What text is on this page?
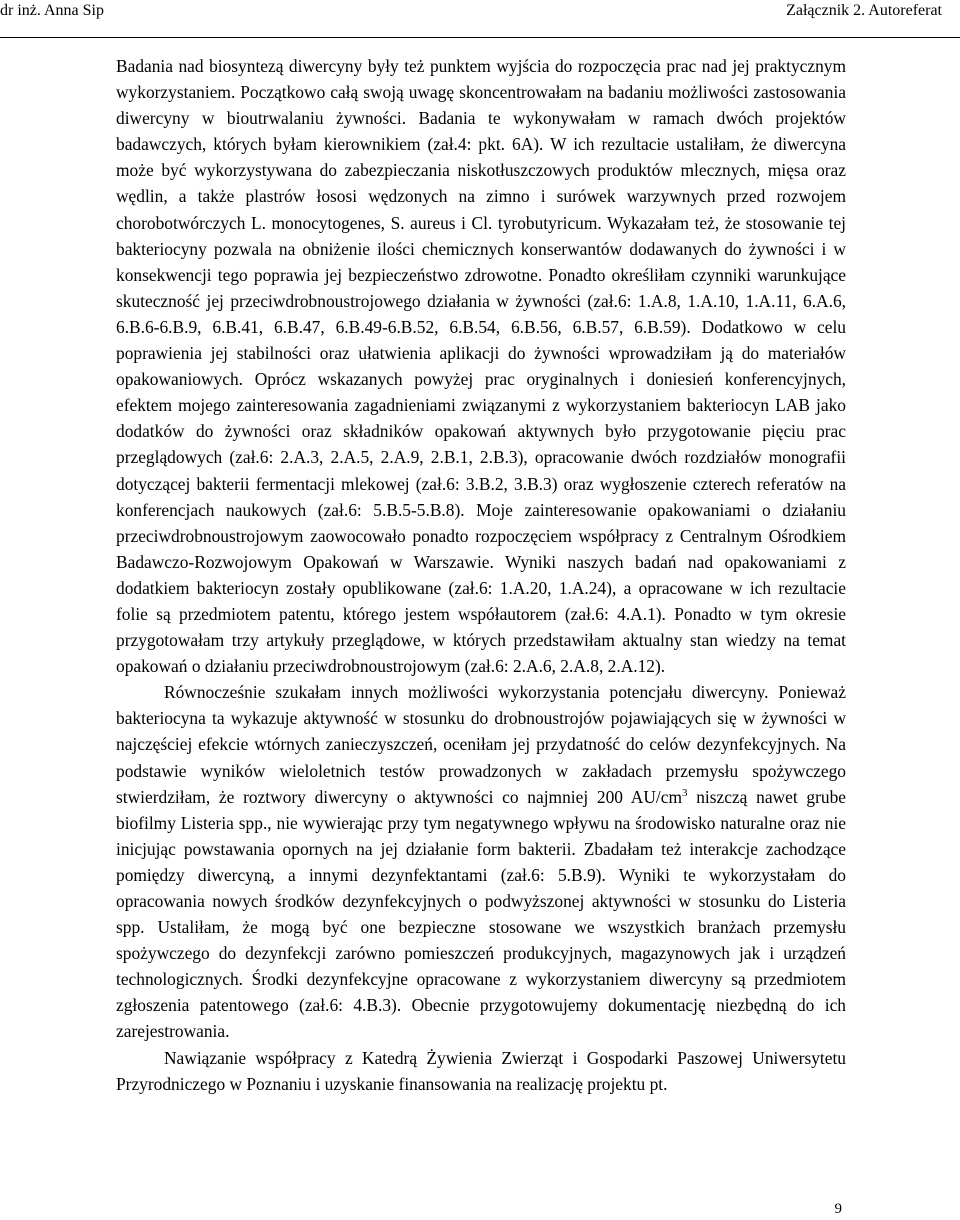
dr inż. Anna Sip	Załącznik 2. Autoreferat

Badania nad biosyntezą diwercyny były też punktem wyjścia do rozpoczęcia prac nad jej praktycznym wykorzystaniem. Początkowo całą swoją uwagę skoncentrowałam na badaniu możliwości zastosowania diwercyny w bioutrwalaniu żywności. Badania te wykonywałam w ramach dwóch projektów badawczych, których byłam kierownikiem (zał.4: pkt. 6A). W ich rezultacie ustaliłam, że diwercyna może być wykorzystywana do zabezpieczania niskotłuszczowych produktów mlecznych, mięsa oraz wędlin, a także plastrów łososi wędzonych na zimno i surówek warzywnych przed rozwojem chorobotwórczych L. monocytogenes, S. aureus i Cl. tyrobutyricum. Wykazałam też, że stosowanie tej bakteriocyny pozwala na obniżenie ilości chemicznych konserwantów dodawanych do żywności i w konsekwencji tego poprawia jej bezpieczeństwo zdrowotne. Ponadto określiłam czynniki warunkujące skuteczność jej przeciwdrobnoustrojowego działania w żywności (zał.6: 1.A.8, 1.A.10, 1.A.11, 6.A.6, 6.B.6-6.B.9, 6.B.41, 6.B.47, 6.B.49-6.B.52, 6.B.54, 6.B.56, 6.B.57, 6.B.59). Dodatkowo w celu poprawienia jej stabilności oraz ułatwienia aplikacji do żywności wprowadziłam ją do materiałów opakowaniowych. Oprócz wskazanych powyżej prac oryginalnych i doniesień konferencyjnych, efektem mojego zainteresowania zagadnieniami związanymi z wykorzystaniem bakteriocyn LAB jako dodatków do żywności oraz składników opakowań aktywnych było przygotowanie pięciu prac przeglądowych (zał.6: 2.A.3, 2.A.5, 2.A.9, 2.B.1, 2.B.3), opracowanie dwóch rozdziałów monografii dotyczącej bakterii fermentacji mlekowej (zał.6: 3.B.2, 3.B.3) oraz wygłoszenie czterech referatów na konferencjach naukowych (zał.6: 5.B.5-5.B.8). Moje zainteresowanie opakowaniami o działaniu przeciwdrobnoustrojowym zaowocowało ponadto rozpoczęciem współpracy z Centralnym Ośrodkiem Badawczo-Rozwojowym Opakowań w Warszawie. Wyniki naszych badań nad opakowaniami z dodatkiem bakteriocyn zostały opublikowane (zał.6: 1.A.20, 1.A.24), a opracowane w ich rezultacie folie są przedmiotem patentu, którego jestem współautorem (zał.6: 4.A.1). Ponadto w tym okresie przygotowałam trzy artykuły przeglądowe, w których przedstawiłam aktualny stan wiedzy na temat opakowań o działaniu przeciwdrobnoustrojowym (zał.6: 2.A.6, 2.A.8, 2.A.12).

Równocześnie szukałam innych możliwości wykorzystania potencjału diwercyny. Ponieważ bakteriocyna ta wykazuje aktywność w stosunku do drobnoustrojów pojawiających się w żywności w najczęściej efekcie wtórnych zanieczyszczeń, oceniłam jej przydatność do celów dezynfekcyjnych. Na podstawie wyników wieloletnich testów prowadzonych w zakładach przemysłu spożywczego stwierdziłam, że roztwory diwercyny o aktywności co najmniej 200 $AU/cm^3$ niszczą nawet grube biofilmy Listeria spp., nie wywierając przy tym negatywnego wpływu na środowisko naturalne oraz nie inicjując powstawania opornych na jej działanie form bakterii. Zbadałam też interakcje zachodzące pomiędzy diwercyną, a innymi dezynfektantami (zał.6: 5.B.9). Wyniki te wykorzystałam do opracowania nowych środków dezynfekcyjnych o podwyższonej aktywności w stosunku do Listeria spp. Ustaliłam, że mogą być one bezpieczne stosowane we wszystkich branżach przemysłu spożywczego do dezynfekcji zarówno pomieszczeń produkcyjnych, magazynowych jak i urządzeń technologicznych. Środki dezynfekcyjne opracowane z wykorzystaniem diwercyny są przedmiotem zgłoszenia patentowego (zał.6: 4.B.3). Obecnie przygotowujemy dokumentację niezbędną do ich zarejestrowania.

Nawiązanie współpracy z Katedrą Żywienia Zwierząt i Gospodarki Paszowej Uniwersytetu Przyrodniczego w Poznaniu i uzyskanie finansowania na realizację projektu pt.

9
